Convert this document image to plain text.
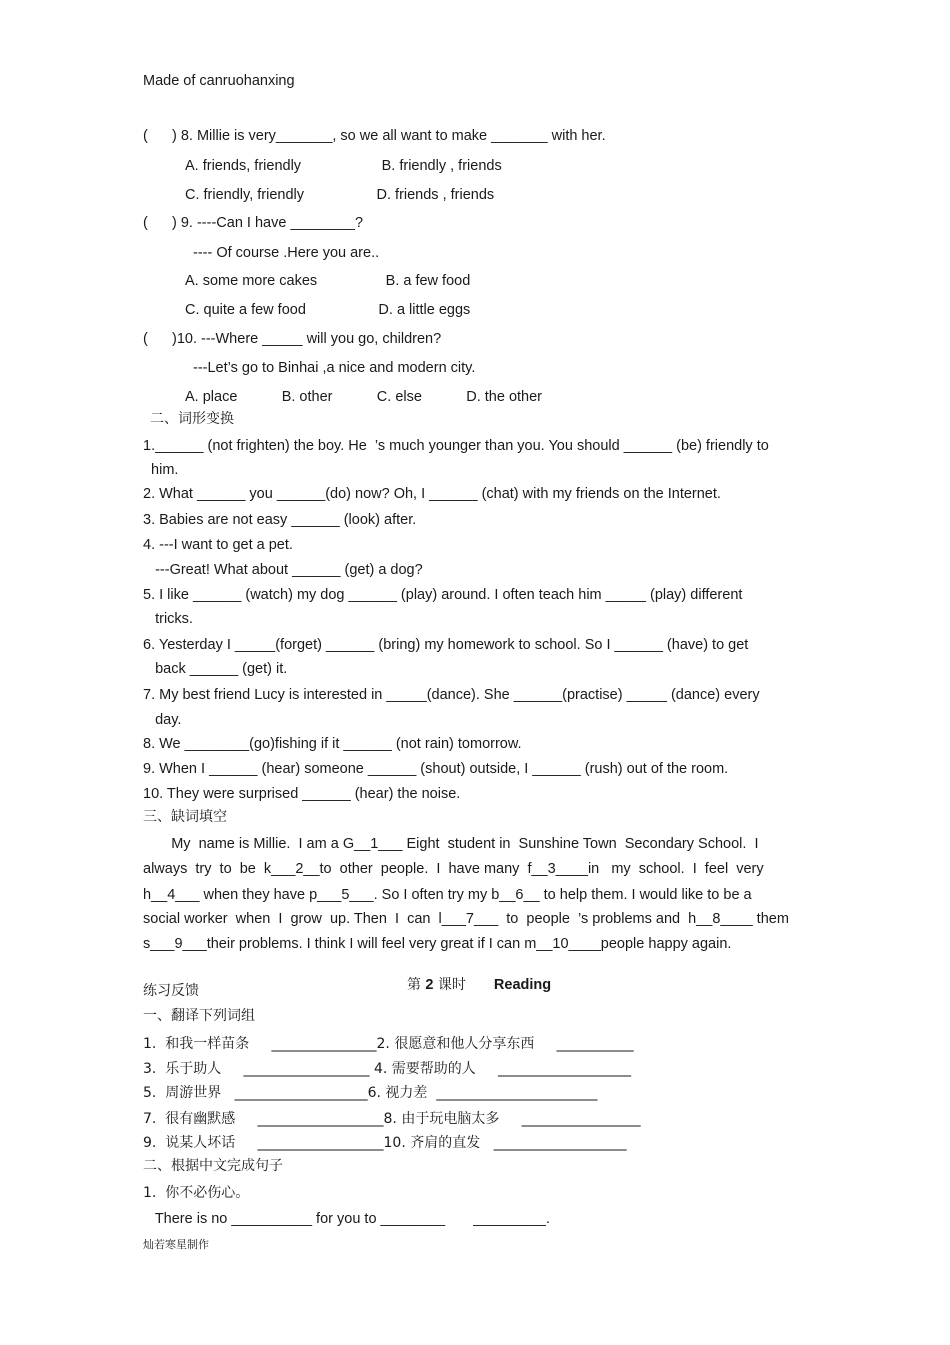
Made of canruohanxing
(      ) 8. Millie is very_______, so we all want to make _______ with her.
A. friends, friendly                    B. friendly , friends
C. friendly, friendly                  D. friends , friends
(      ) 9. ----Can I have ________?
---- Of course .Here you are..
A. some more cakes                 B. a few food
C. quite a few food                  D. a little eggs
(      )10. ---Where _____ will you go, children?
---Let’s go to Binhai ,a nice and modern city.
A. place           B. other           C. else           D. the other
二、词形变换
1.______ (not frighten) the boy. He  ’s much younger than you. You should ______ (be) friendly to
him.
2. What ______ you ______(do) now? Oh, I ______ (chat) with my friends on the Internet.
3. Babies are not easy ______ (look) after.
4. ---I want to get a pet.
---Great! What about ______ (get) a dog?
5. I like ______ (watch) my dog ______ (play) around. I often teach him _____ (play) different
tricks.
6. Yesterday I _____(forget) ______ (bring) my homework to school. So I ______ (have) to get
back ______ (get) it.
7. My best friend Lucy is interested in _____(dance). She ______(practise) _____ (dance) every
day.
8. We ________(go)fishing if it ______ (not rain) tomorrow.
9. When I ______ (hear) someone ______ (shout) outside, I ______ (rush) out of the room.
10. They were surprised ______ (hear) the noise.
三、缺词填空
My  name is Millie.  I am a G__1___ Eight  student in  Sunshine Town  Secondary School.  I
always  try  to  be  k___2__to  other  people.  I  have many  f__3____in   my  school.  I  feel  very
h__4___ when they have p___5___. So I often try my b__6__ to help them. I would like to be a
social worker  when  I  grow  up. Then  I  can  l___7___  to  people  ’s problems and  h__8____ them
s___9___their problems. I think I will feel very great if I can m__10____people happy again.

第 2 课时 Reading

练习反馈
一、翻译下列词组
1.  和我一样苗条     _______________2. 很愿意和他人分享东西     ___________
3.  乐于助人     __________________ 4. 需要帮助的人     ___________________
5.  周游世界   ___________________6. 视力差  _______________________
7.  很有幽默感     __________________8. 由于玩电脑太多     _________________
9.  说某人坏话     __________________10. 齐肩的直发   ___________________
二、根据中文完成句子
1.  你不必伤心。
There is no __________ for you to ________       _________.
灿若寒星制作
